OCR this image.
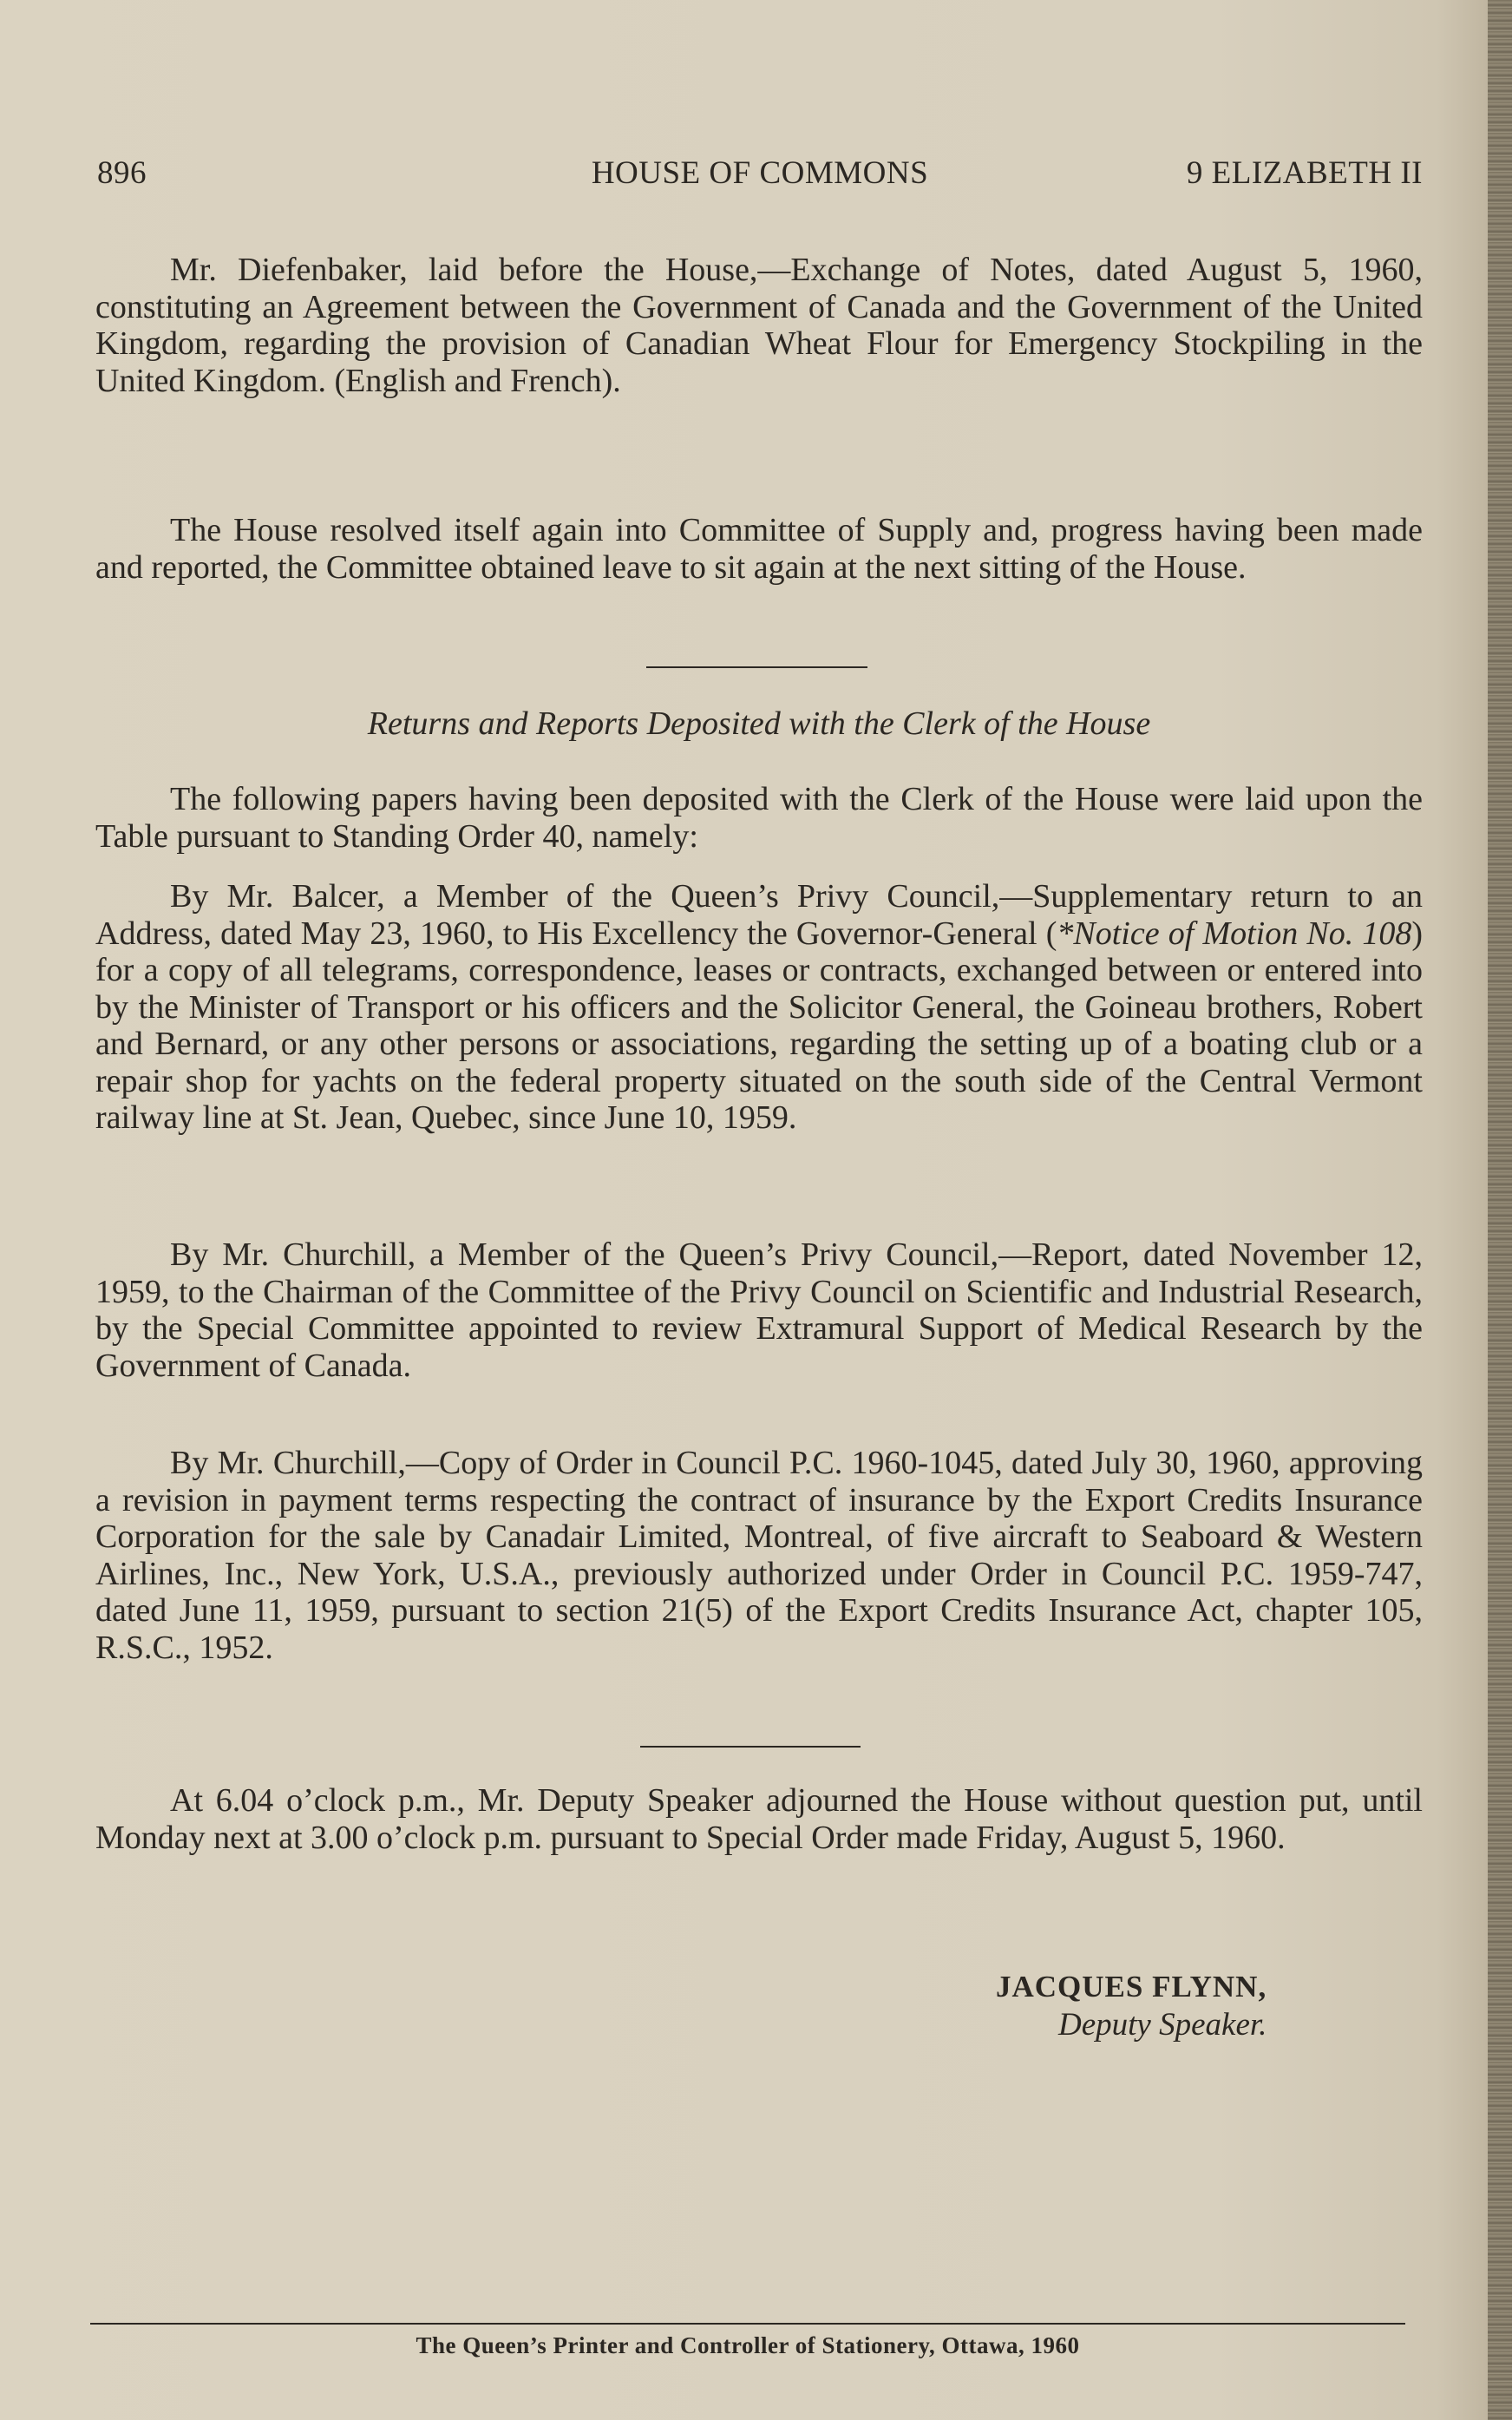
896	HOUSE OF COMMONS	9 ELIZABETH II

Mr. Diefenbaker, laid before the House,—Exchange of Notes, dated August 5, 1960, constituting an Agreement between the Government of Canada and the Government of the United Kingdom, regarding the provision of Canadian Wheat Flour for Emergency Stockpiling in the United Kingdom. (English and French).

The House resolved itself again into Committee of Supply and, progress having been made and reported, the Committee obtained leave to sit again at the next sitting of the House.

Returns and Reports Deposited with the Clerk of the House

The following papers having been deposited with the Clerk of the House were laid upon the Table pursuant to Standing Order 40, namely:

By Mr. Balcer, a Member of the Queen’s Privy Council,—Supplementary return to an Address, dated May 23, 1960, to His Excellency the Governor-General (*Notice of Motion No. 108) for a copy of all telegrams, correspondence, leases or contracts, exchanged between or entered into by the Minister of Transport or his officers and the Solicitor General, the Goineau brothers, Robert and Bernard, or any other persons or associations, regarding the setting up of a boating club or a repair shop for yachts on the federal property situated on the south side of the Central Vermont railway line at St. Jean, Quebec, since June 10, 1959.

By Mr. Churchill, a Member of the Queen’s Privy Council,—Report, dated November 12, 1959, to the Chairman of the Committee of the Privy Council on Scientific and Industrial Research, by the Special Committee appointed to review Extramural Support of Medical Research by the Government of Canada.

By Mr. Churchill,—Copy of Order in Council P.C. 1960-1045, dated July 30, 1960, approving a revision in payment terms respecting the contract of insurance by the Export Credits Insurance Corporation for the sale by Canadair Limited, Montreal, of five aircraft to Seaboard & Western Airlines, Inc., New York, U.S.A., previously authorized under Order in Council P.C. 1959-747, dated June 11, 1959, pursuant to section 21(5) of the Export Credits Insurance Act, chapter 105, R.S.C., 1952.

At 6.04 o’clock p.m., Mr. Deputy Speaker adjourned the House without question put, until Monday next at 3.00 o’clock p.m. pursuant to Special Order made Friday, August 5, 1960.

JACQUES FLYNN,
Deputy Speaker.
The Queen’s Printer and Controller of Stationery, Ottawa, 1960
